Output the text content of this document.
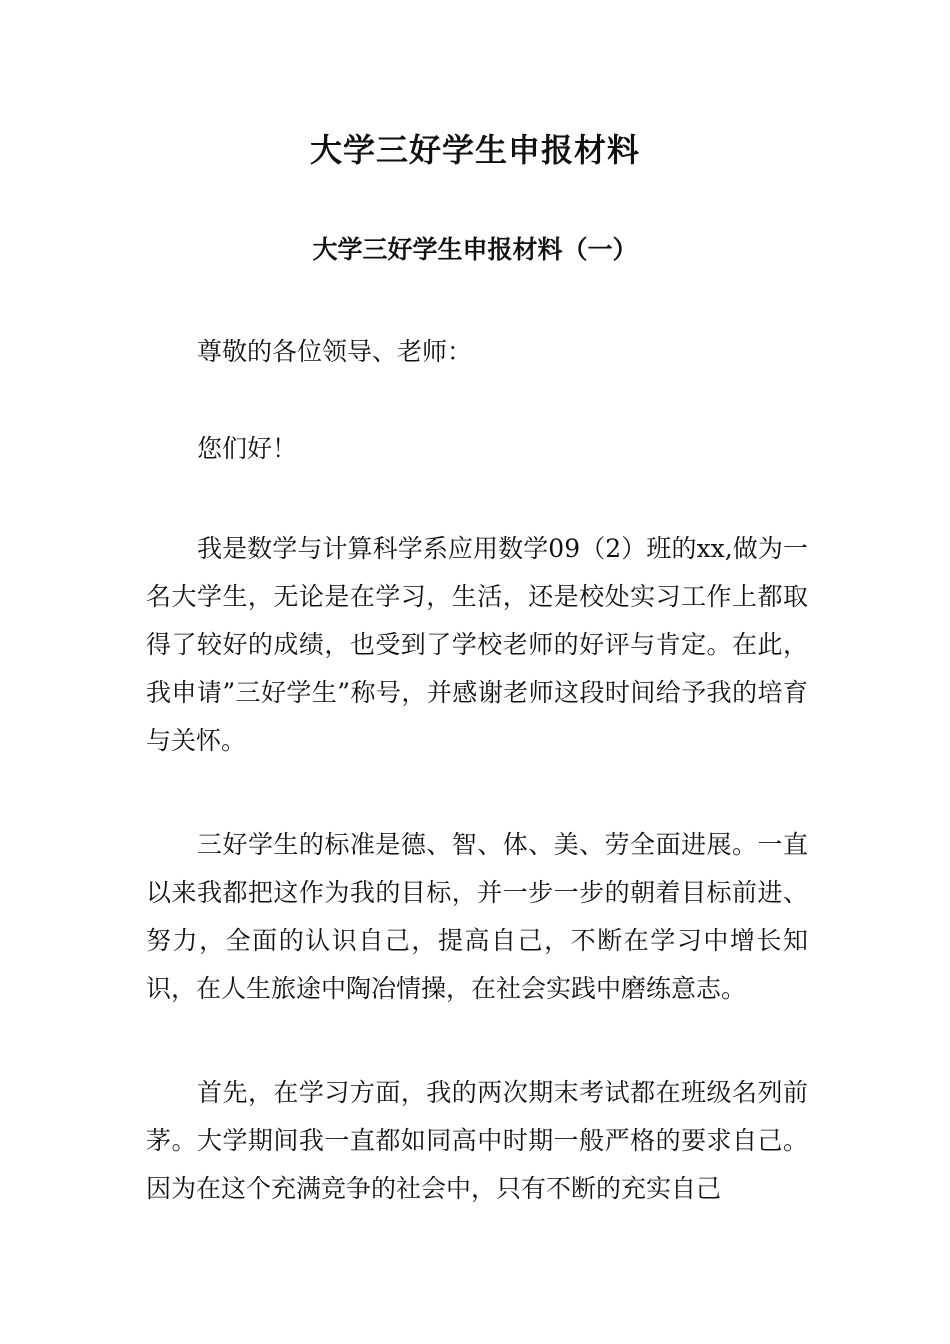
大学三好学生申报材料
大学三好学生申报材料（一）

尊敬的各位领导、老师：

您们好！

我是数学与计算科学系应用数学09（2）班的xx,做为一名大学生，无论是在学习，生活，还是校处实习工作上都取得了较好的成绩，也受到了学校老师的好评与肯定。在此，我申请”三好学生”称号，并感谢老师这段时间给予我的培育与关怀。

三好学生的标准是德、智、体、美、劳全面进展。一直以来我都把这作为我的目标，并一步一步的朝着目标前进、努力，全面的认识自己，提高自己，不断在学习中增长知识，在人生旅途中陶冶情操，在社会实践中磨练意志。

首先，在学习方面，我的两次期末考试都在班级名列前茅。大学期间我一直都如同高中时期一般严格的要求自己。因为在这个充满竞争的社会中，只有不断的充实自己
